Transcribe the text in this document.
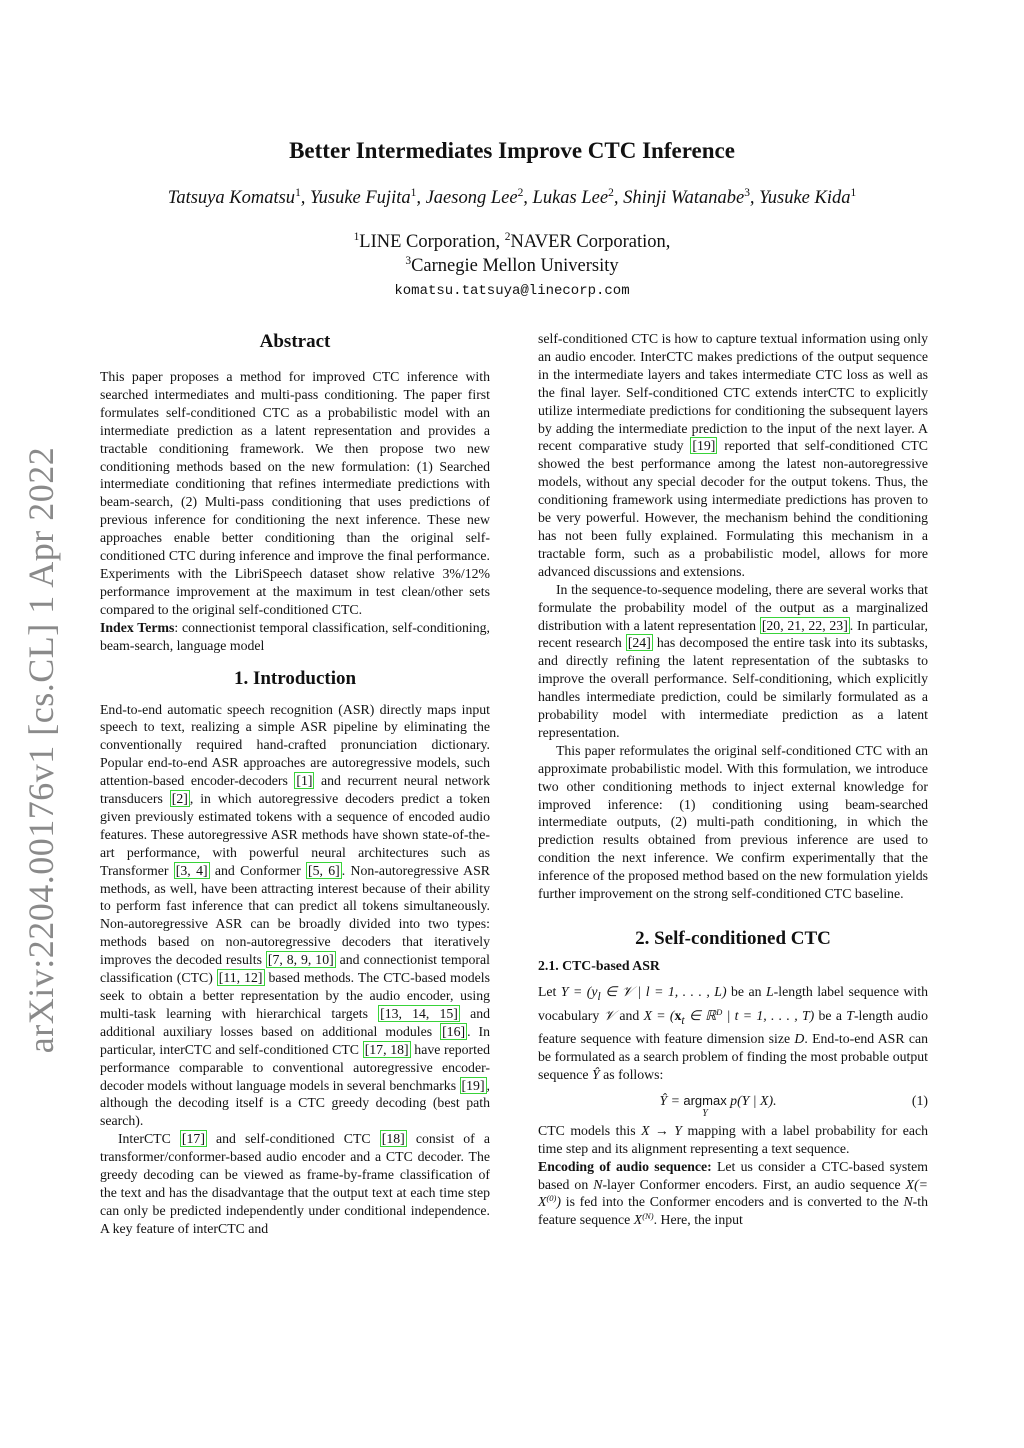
arXiv:2204.00176v1 [cs.CL] 1 Apr 2022
Better Intermediates Improve CTC Inference
Tatsuya Komatsu$^1$, Yusuke Fujita$^1$, Jaesong Lee$^2$, Lukas Lee$^2$, Shinji Watanabe$^3$, Yusuke Kida$^1$
$^1$LINE Corporation, $^2$NAVER Corporation,
$^3$Carnegie Mellon University
komatsu.tatsuya@linecorp.com
Abstract

This paper proposes a method for improved CTC inference with searched intermediates and multi-pass conditioning. The paper first formulates self-conditioned CTC as a probabilistic model with an intermediate prediction as a latent representation and provides a tractable conditioning framework. We then propose two new conditioning methods based on the new formulation: (1) Searched intermediate conditioning that refines intermediate predictions with beam-search, (2) Multi-pass conditioning that uses predictions of previous inference for conditioning the next inference. These new approaches enable better conditioning than the original self-conditioned CTC during inference and improve the final performance. Experiments with the LibriSpeech dataset show relative 3%/12% performance improvement at the maximum in test clean/other sets compared to the original self-conditioned CTC.

Index Terms: connectionist temporal classification, self-conditioning, beam-search, language model

1. Introduction

End-to-end automatic speech recognition (ASR) directly maps input speech to text, realizing a simple ASR pipeline by eliminating the conventionally required hand-crafted pronunciation dictionary. Popular end-to-end ASR approaches are autoregressive models, such attention-based encoder-decoders [1] and recurrent neural network transducers [2] , in which autoregressive decoders predict a token given previously estimated tokens with a sequence of encoded audio features. These autoregressive ASR methods have shown state-of-the-art performance, with powerful neural architectures such as Transformer [3, 4] and Conformer [5, 6] . Non-autoregressive ASR methods, as well, have been attracting interest because of their ability to perform fast inference that can predict all tokens simultaneously. Non-autoregressive ASR can be broadly divided into two types: methods based on non-autoregressive decoders that iteratively improves the decoded results [7, 8, 9, 10] and connectionist temporal classification (CTC) [11, 12] based methods. The CTC-based models seek to obtain a better representation by the audio encoder, using multi-task learning with hierarchical targets [13, 14, 15] and additional auxiliary losses based on additional modules [16] . In particular, interCTC and self-conditioned CTC [17, 18] have reported performance comparable to conventional autoregressive encoder-decoder models without language models in several benchmarks [19] , although the decoding itself is a CTC greedy decoding (best path search).

InterCTC [17] and self-conditioned CTC [18] consist of a transformer/conformer-based audio encoder and a CTC decoder. The greedy decoding can be viewed as frame-by-frame classification of the text and has the disadvantage that the output text at each time step can only be predicted independently under conditional independence. A key feature of interCTC and

self-conditioned CTC is how to capture textual information using only an audio encoder. InterCTC makes predictions of the output sequence in the intermediate layers and takes intermediate CTC loss as well as the final layer. Self-conditioned CTC extends interCTC to explicitly utilize intermediate predictions for conditioning the subsequent layers by adding the intermediate prediction to the input of the next layer. A recent comparative study [19] reported that self-conditioned CTC showed the best performance among the latest non-autoregressive models, without any special decoder for the output tokens. Thus, the conditioning framework using intermediate predictions has proven to be very powerful. However, the mechanism behind the conditioning has not been fully explained. Formulating this mechanism in a tractable form, such as a probabilistic model, allows for more advanced discussions and extensions.

In the sequence-to-sequence modeling, there are several works that formulate the probability model of the output as a marginalized distribution with a latent representation [20, 21, 22, 23] . In particular, recent research [24] has decomposed the entire task into its subtasks, and directly refining the latent representation of the subtasks to improve the overall performance. Self-conditioning, which explicitly handles intermediate prediction, could be similarly formulated as a probability model with intermediate prediction as a latent representation.

This paper reformulates the original self-conditioned CTC with an approximate probabilistic model. With this formulation, we introduce two other conditioning methods to inject external knowledge for improved inference: (1) conditioning using beam-searched intermediate outputs, (2) multi-path conditioning, in which the prediction results obtained from previous inference are used to condition the next inference. We confirm experimentally that the inference of the proposed method based on the new formulation yields further improvement on the strong self-conditioned CTC baseline.

2. Self-conditioned CTC
2.1. CTC-based ASR

Let $Y = (y_l$ ∈ 𝒱 | l = 1, . . . , L) be an L-length label sequence with vocabulary 𝒱 and $X = (x_t$ ∈ ℝ$^D$ | t = 1, . . . , T) be a T-length audio feature sequence with feature dimension size D. End-to-end ASR can be formulated as a search problem of finding the most probable output sequence Ŷ as follows:

Ŷ = argmax
Y
p(Y | X).	(1)

CTC models this X → Y mapping with a label probability for each time step and its alignment representing a text sequence.

Encoding of audio sequence: Let us consider a CTC-based system based on N-layer Conformer encoders. First, an audio sequence $X(= X^{(0)})$ is fed into the Conformer encoders and is converted to the N-th feature sequence $X^{(N)}$. Here, the input
